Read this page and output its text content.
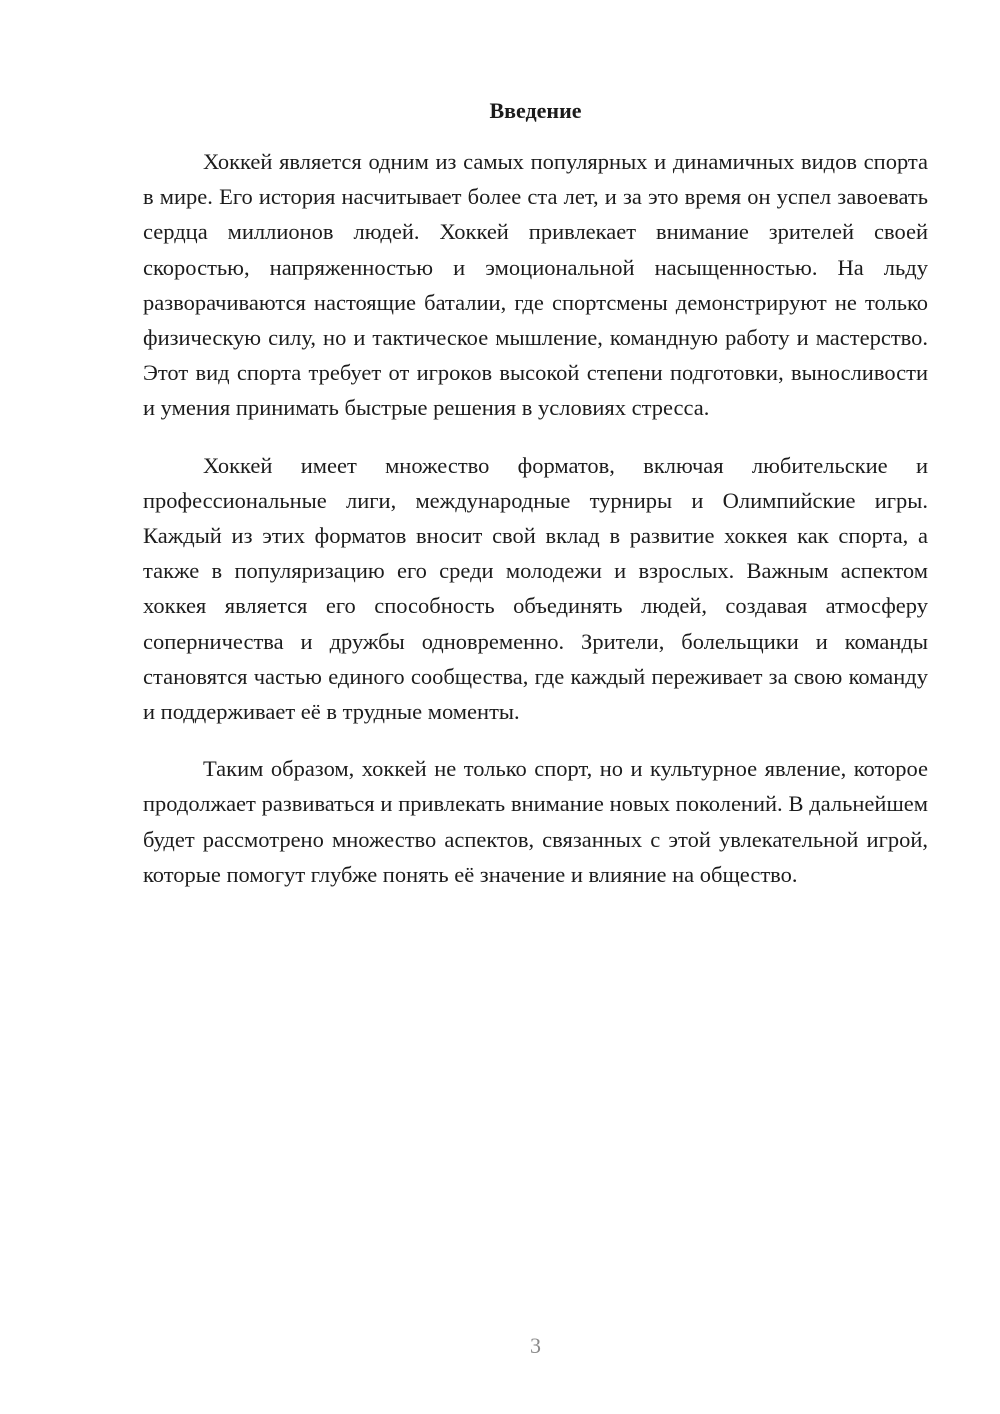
Введение

Хоккей является одним из самых популярных и динамичных видов спорта в мире. Его история насчитывает более ста лет, и за это время он успел завоевать сердца миллионов людей. Хоккей привлекает внимание зрителей своей скоростью, напряженностью и эмоциональной насыщенностью. На льду разворачиваются настоящие баталии, где спортсмены демонстрируют не только физическую силу, но и тактическое мышление, командную работу и мастерство. Этот вид спорта требует от игроков высокой степени подготовки, выносливости и умения принимать быстрые решения в условиях стресса.

Хоккей имеет множество форматов, включая любительские и профессиональные лиги, международные турниры и Олимпийские игры. Каждый из этих форматов вносит свой вклад в развитие хоккея как спорта, а также в популяризацию его среди молодежи и взрослых. Важным аспектом хоккея является его способность объединять людей, создавая атмосферу соперничества и дружбы одновременно. Зрители, болельщики и команды становятся частью единого сообщества, где каждый переживает за свою команду и поддерживает её в трудные моменты.

Таким образом, хоккей не только спорт, но и культурное явление, которое продолжает развиваться и привлекать внимание новых поколений. В дальнейшем будет рассмотрено множество аспектов, связанных с этой увлекательной игрой, которые помогут глубже понять её значение и влияние на общество.

3
